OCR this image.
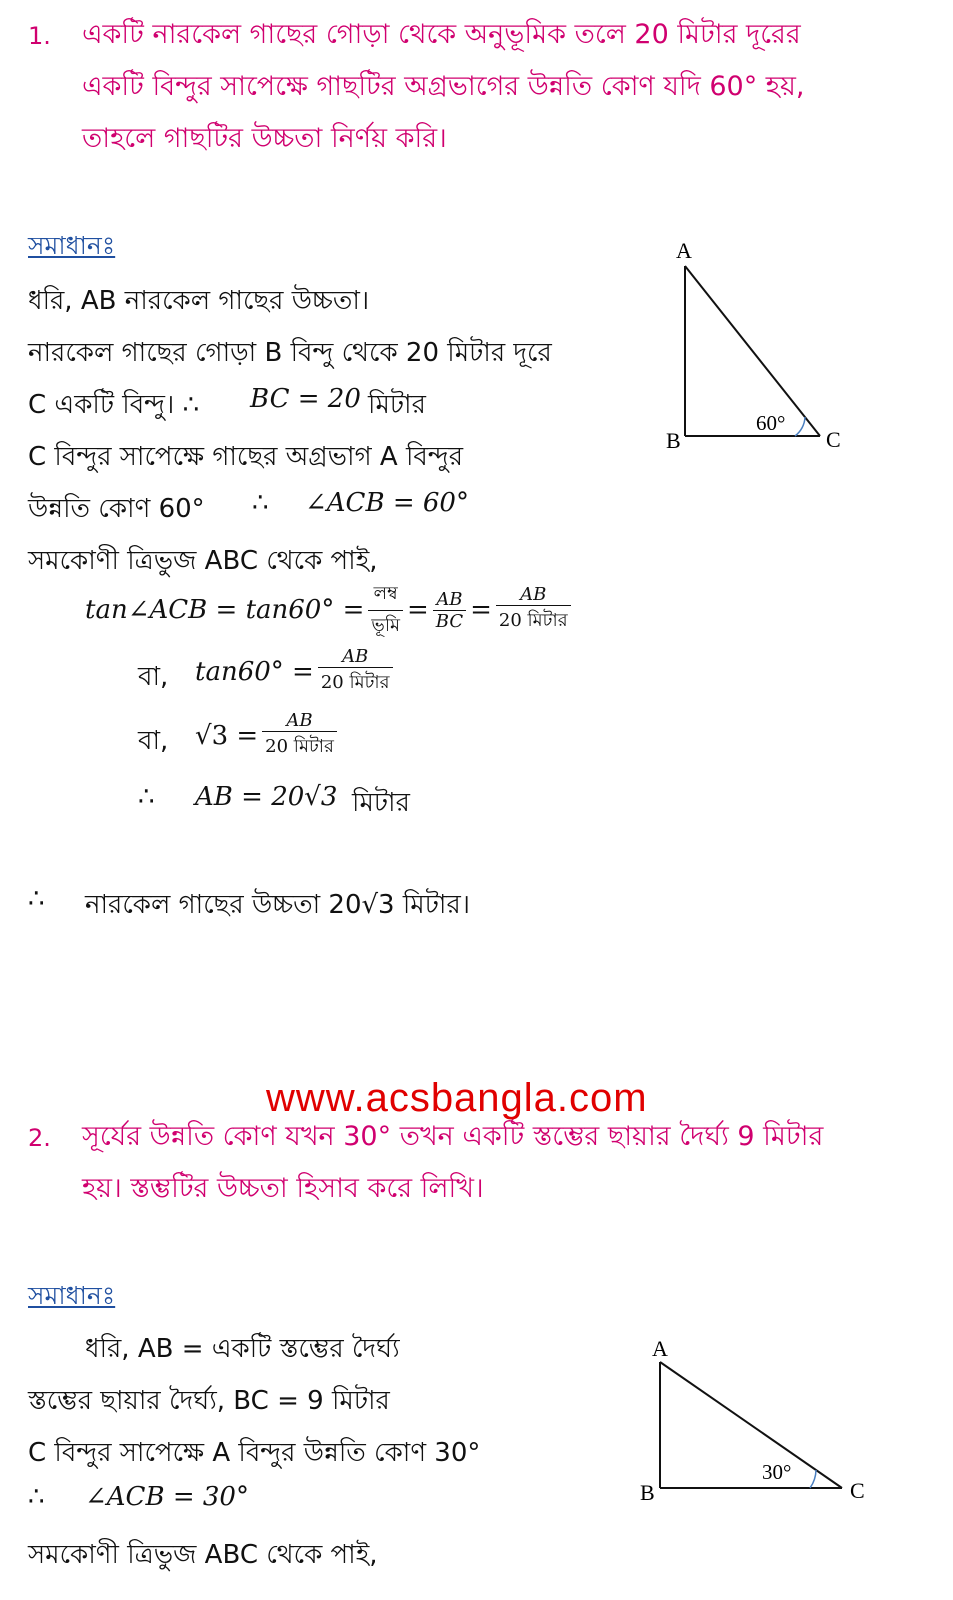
1. একটি নারকেল গাছের গোড়া থেকে অনুভূমিক তলে 20 মিটার দূরের
একটি বিন্দুর সাপেক্ষে গাছটির অগ্রভাগের উন্নতি কোণ যদি 60° হয়,
তাহলে গাছটির উচ্চতা নির্ণয় করি।
সমাধানঃ
ধরি, AB নারকেল গাছের উচ্চতা।
নারকেল গাছের গোড়া B বিন্দু থেকে 20 মিটার দূরে
C একটি বিন্দু। ∴ BC = 20 মিটার
C বিন্দুর সাপেক্ষে গাছের অগ্রভাগ A বিন্দুর
উন্নতি কোণ 60° ∴ ∠ACB = 60°
সমকোণী ত্রিভুজ ABC থেকে পাই,
tan∠ACB = $\tan 60^\circ = \frac{\text{লম্ব}}{\text{ভূমি}} = \frac{AB}{BC} = \frac{AB}{\text{20 মিটার}}$
বা, $\tan 60^\circ = \frac{AB}{\text{20 মিটার}}$
বা, $√3 = \frac{AB}{\text{20 মিটার}}$
∴ AB = 20√3 মিটার
∴ নারকেল গাছের উচ্চতা 20√3 মিটার।
A
B	C
60°
www.acsbangla.com
2. সূর্যের উন্নতি কোণ যখন 30° তখন একটি স্তম্ভের ছায়ার দৈর্ঘ্য 9 মিটার
হয়। স্তম্ভটির উচ্চতা হিসাব করে লিখি।
সমাধানঃ
ধরি, AB = একটি স্তম্ভের দৈর্ঘ্য
স্তম্ভের ছায়ার দৈর্ঘ্য, BC = 9 মিটার
C বিন্দুর সাপেক্ষে A বিন্দুর উন্নতি কোণ 30°
∴ ∠ACB = 30°
সমকোণী ত্রিভুজ ABC থেকে পাই,
A
B	C
30°
